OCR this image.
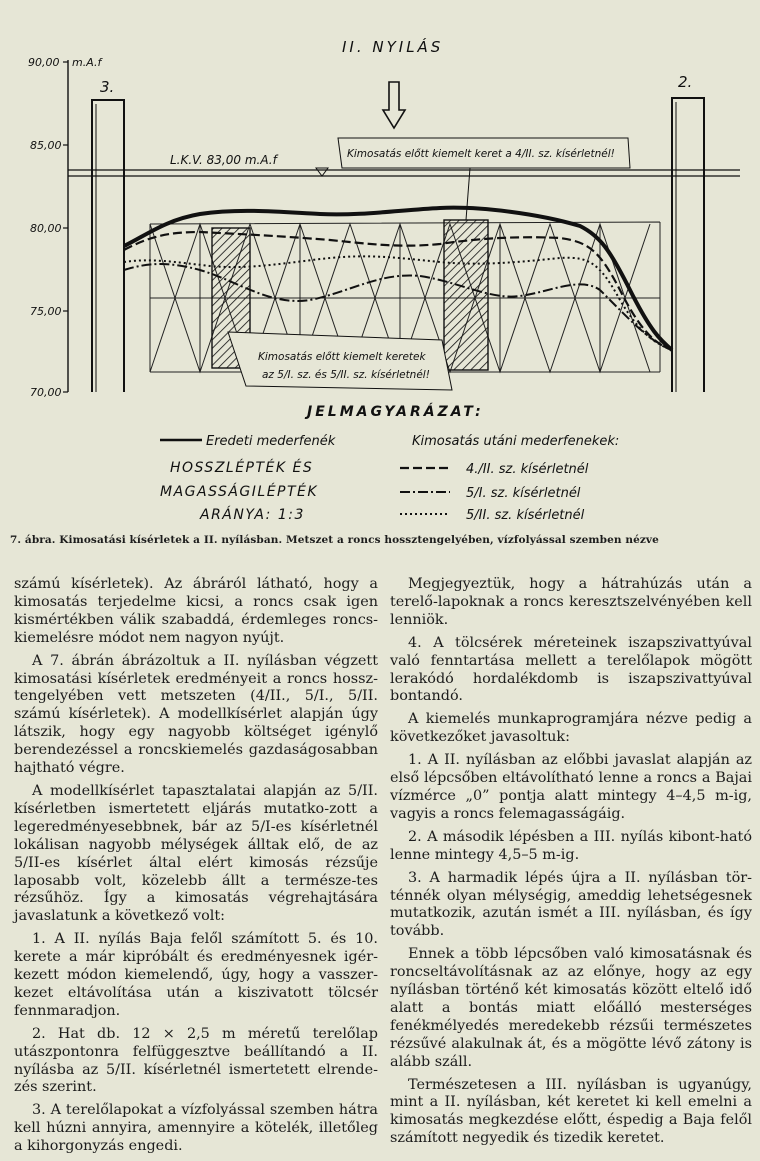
II. NYILÁS
90,00
85,00
80,00
75,00
70,00
m.A.f
3.	2.
L.K.V. 83,00 m.A.f	Kimosatás előtt kiemelt keret a 4/II. sz. kísérletnél!
Kimosatás előtt kiemelt keretek
az 5/I. sz. és 5/II. sz. kísérletnél!
JELMAGYARÁZAT:
Eredeti mederfenék	Kimosatás utáni mederfenekek:
HOSSZLÉPTÉK ÉS
MAGASSÁGILÉPTÉK
ARÁNYA: 1:3
4./II. sz. kísérletnél
5/I. sz. kísérletnél
5/II. sz. kísérletnél
7. ábra. Kimosatási kísérletek a II. nyílásban. Metszet a roncs hossztengelyében, vízfolyással szemben nézve

számú kísérletek). Az ábráról látható, hogy a kimosatás terjedelme kicsi, a roncs csak igen kismértékben válik szabaddá, érdemleges roncs-kiemelésre módot nem nagyon nyújt.

A 7. ábrán ábrázoltuk a II. nyílásban végzett kimosatási kísérletek eredményeit a roncs hossz-tengelyében vett metszeten (4/II., 5/I., 5/II. számú kísérletek). A modellkísérlet alapján úgy látszik, hogy egy nagyobb költséget igénylő berendezéssel a roncskiemelés gazdaságosabban hajtható végre.

A modellkísérlet tapasztalatai alapján az 5/II. kísérletben ismertetett eljárás mutatko-zott a legeredményesebbnek, bár az 5/I-es kísérletnél lokálisan nagyobb mélységek álltak elő, de az 5/II-es kísérlet által elért kimosás rézsűje laposabb volt, közelebb állt a természe-tes rézsűhöz. Így a kimosatás végrehajtására javaslatunk a következő volt:

1. A II. nyílás Baja felől számított 5. és 10. kerete a már kipróbált és eredményesnek igér-kezett módon kiemelendő, úgy, hogy a vasszer-kezet eltávolítása után a kiszivatott tölcsér fennmaradjon.

2. Hat db. 12 × 2,5 m méretű terelőlap utászpontonra felfüggesztve beállítandó a II. nyílásba az 5/II. kísérletnél ismertetett elrende-zés szerint.

3. A terelőlapokat a vízfolyással szemben hátra kell húzni annyira, amennyire a kötelék, illetőleg a kihorgonyzás engedi.

Megjegyeztük, hogy a hátrahúzás után a terelő-lapoknak a roncs keresztszelvényében kell lenniök.

4. A tölcsérek méreteinek iszapszivattyúval való fenntartása mellett a terelőlapok mögött lerakódó hordalékdomb is iszapszivattyúval bontandó.

A kiemelés munkaprogramjára nézve pedig a következőket javasoltuk:

1. A II. nyílásban az előbbi javaslat alapján az első lépcsőben eltávolítható lenne a roncs a Bajai vízmérce „0” pontja alatt mintegy 4–4,5 m-ig, vagyis a roncs felemagasságáig.

2. A második lépésben a III. nyílás kibont-ható lenne mintegy 4,5–5 m-ig.

3. A harmadik lépés újra a II. nyílásban tör-ténnék olyan mélységig, ameddig lehetségesnek mutatkozik, azután ismét a III. nyílásban, és így tovább.

Ennek a több lépcsőben való kimosatásnak és roncseltávolításnak az az előnye, hogy az egy nyílásban történő két kimosatás között eltelő idő alatt a bontás miatt előálló mesterséges fenékmélyedés meredekebb rézsűi természetes rézsűvé alakulnak át, és a mögötte lévő zátony is alább száll.

Természetesen a III. nyílásban is ugyanúgy, mint a II. nyílásban, két keretet ki kell emelni a kimosatás megkezdése előtt, éspedig a Baja felől számított negyedik és tizedik keretet.
